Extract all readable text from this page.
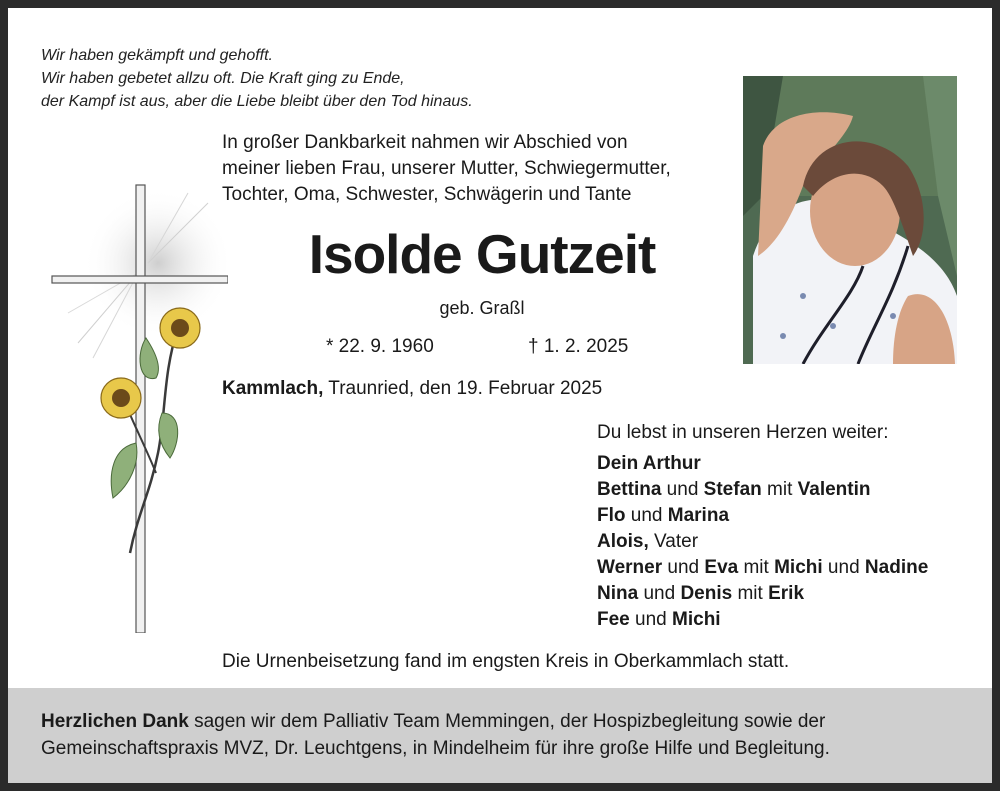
Wir haben gekämpft und gehofft.
Wir haben gebetet allzu oft. Die Kraft ging zu Ende,
der Kampf ist aus, aber die Liebe bleibt über den Tod hinaus.
In großer Dankbarkeit nahmen wir Abschied von
meiner lieben Frau, unserer Mutter, Schwiegermutter,
Tochter, Oma, Schwester, Schwägerin und Tante
Isolde Gutzeit
geb. Graßl
* 22. 9. 1960	† 1. 2. 2025
Kammlach, Traunried, den 19. Februar 2025
Du lebst in unseren Herzen weiter:
Dein Arthur
Bettina und Stefan mit Valentin
Flo und Marina
Alois, Vater
Werner und Eva mit Michi und Nadine
Nina und Denis mit Erik
Fee und Michi
Die Urnenbeisetzung fand im engsten Kreis in Oberkammlach statt.
Herzlichen Dank sagen wir dem Palliativ Team Memmingen, der Hospizbegleitung sowie der
Gemeinschaftspraxis MVZ, Dr. Leuchtgens, in Mindelheim für ihre große Hilfe und Begleitung.
